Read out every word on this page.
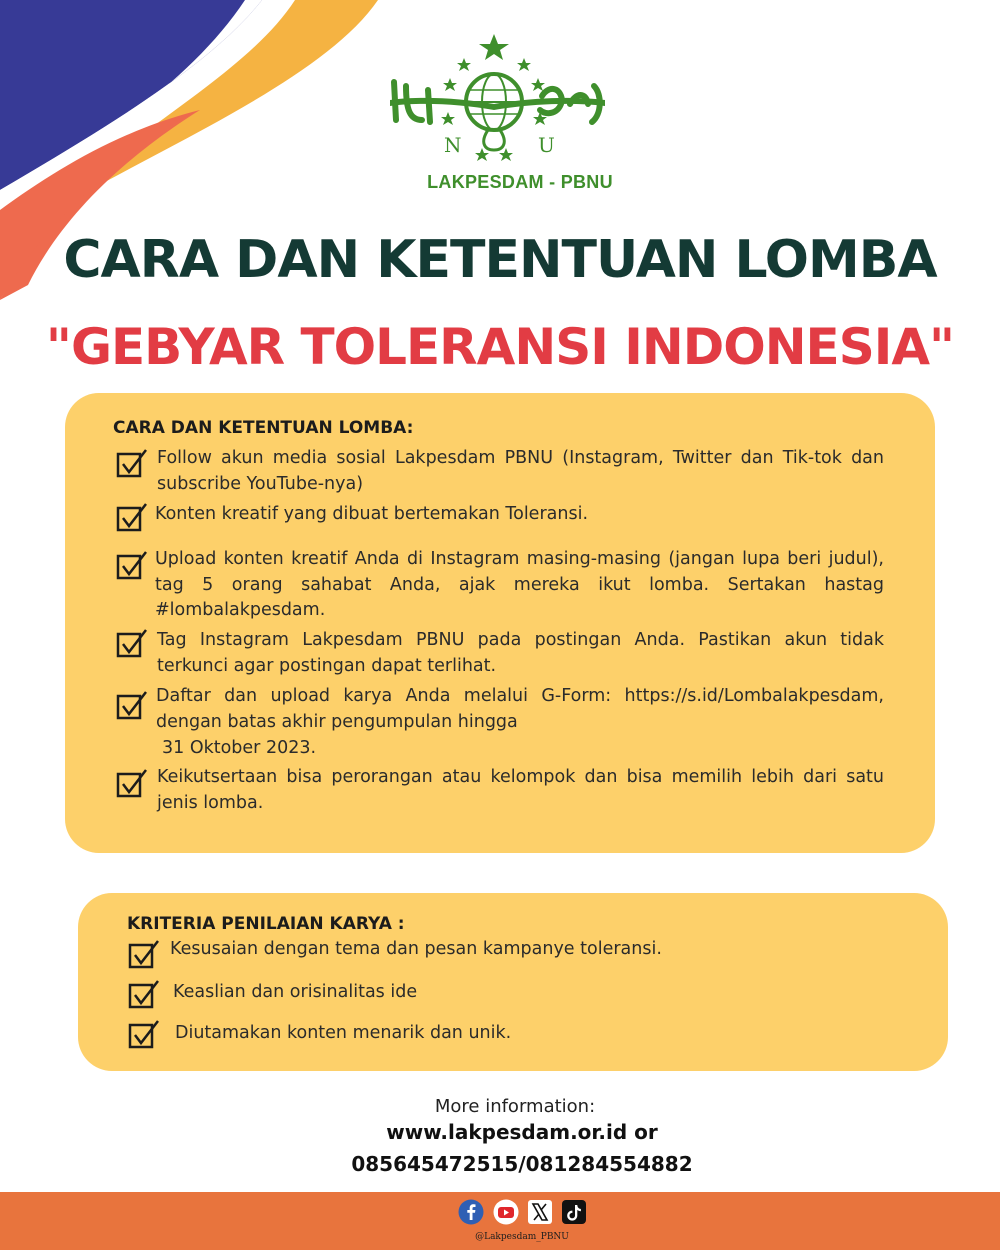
N	U
LAKPESDAM - PBNU
CARA DAN KETENTUAN LOMBA
"GEBYAR TOLERANSI INDONESIA"
CARA DAN KETENTUAN LOMBA:
Follow akun media sosial Lakpesdam PBNU (Instagram, Twitter dan Tik-tok dan subscribe YouTube-nya)
Konten kreatif yang dibuat bertemakan Toleransi.
Upload konten kreatif Anda di Instagram masing-masing (jangan lupa beri judul), tag 5 orang sahabat Anda, ajak mereka ikut lomba. Sertakan hastag #lombalakpesdam.
Tag Instagram Lakpesdam PBNU pada postingan Anda. Pastikan akun tidak terkunci agar postingan dapat terlihat.
Daftar dan upload karya Anda melalui G-Form: https://s.id/Lombalakpesdam, dengan batas akhir pengumpulan hingga
31 Oktober 2023.
Keikutsertaan bisa perorangan atau kelompok dan bisa memilih lebih dari satu jenis lomba.
KRITERIA PENILAIAN KARYA :
Kesusaian dengan tema dan pesan kampanye toleransi.
Keaslian dan orisinalitas ide
Diutamakan konten menarik dan unik.
More information:
www.lakpesdam.or.id or
085645472515/081284554882
@Lakpesdam_PBNU
